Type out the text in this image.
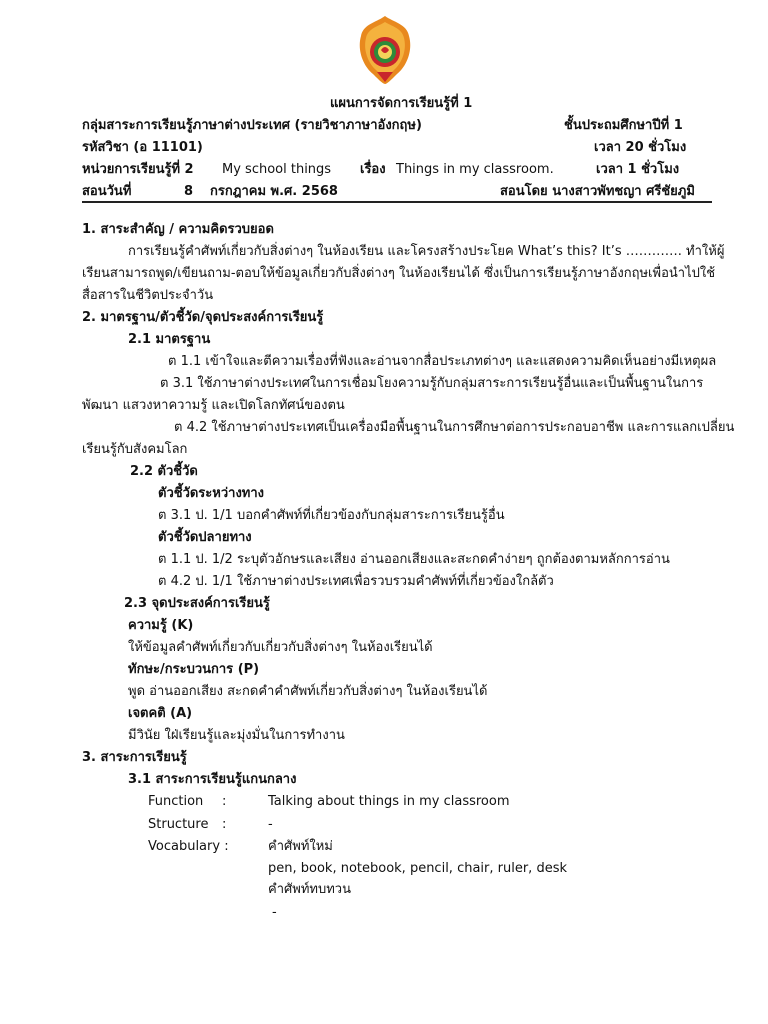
แผนการจัดการเรียนรู้ที่ 1
กลุ่มสาระการเรียนรู้ภาษาต่างประเทศ (รายวิชาภาษาอังกฤษ)	ชั้นประถมศึกษาปีที่ 1
รหัสวิชา (อ 11101)	เวลา 20 ชั่วโมง
หน่วยการเรียนรู้ที่ 2 My school things เรื่อง Things in my classroom.	เวลา 1 ชั่วโมง
สอนวันที่	8 กรกฎาคม พ.ศ. 2568	สอนโดย นางสาวพัทชญา ศรีชัยภูมิ
1. สาระสำคัญ / ความคิดรวบยอด
การเรียนรู้คำศัพท์เกี่ยวกับสิ่งต่างๆ ในห้องเรียน และโครงสร้างประโยค What’s this? It’s …………. ทำให้ผู้
เรียนสามารถพูด/เขียนถาม-ตอบให้ข้อมูลเกี่ยวกับสิ่งต่างๆ ในห้องเรียนได้ ซึ่งเป็นการเรียนรู้ภาษาอังกฤษเพื่อนำไปใช้
สื่อสารในชีวิตประจำวัน
2. มาตรฐาน/ตัวชี้วัด/จุดประสงค์การเรียนรู้
2.1 มาตรฐาน
ต 1.1 เข้าใจและตีความเรื่องที่ฟังและอ่านจากสื่อประเภทต่างๆ และแสดงความคิดเห็นอย่างมีเหตุผล
ต 3.1 ใช้ภาษาต่างประเทศในการเชื่อมโยงความรู้กับกลุ่มสาระการเรียนรู้อื่นและเป็นพื้นฐานในการ
พัฒนา แสวงหาความรู้ และเปิดโลกทัศน์ของตน
ต 4.2 ใช้ภาษาต่างประเทศเป็นเครื่องมือพื้นฐานในการศึกษาต่อการประกอบอาชีพ และการแลกเปลี่ยน
เรียนรู้กับสังคมโลก
2.2 ตัวชี้วัด
ตัวชี้วัดระหว่างทาง
ต 3.1 ป. 1/1 บอกคำศัพท์ที่เกี่ยวข้องกับกลุ่มสาระการเรียนรู้อื่น
ตัวชี้วัดปลายทาง
ต 1.1 ป. 1/2 ระบุตัวอักษรและเสียง อ่านออกเสียงและสะกดคำง่ายๆ ถูกต้องตามหลักการอ่าน
ต 4.2 ป. 1/1 ใช้ภาษาต่างประเทศเพื่อรวบรวมคำศัพท์ที่เกี่ยวข้องใกล้ตัว
2.3 จุดประสงค์การเรียนรู้
ความรู้ (K)
ให้ข้อมูลคำศัพท์เกี่ยวกับเกี่ยวกับสิ่งต่างๆ ในห้องเรียนได้
ทักษะ/กระบวนการ (P)
พูด อ่านออกเสียง สะกดคำคำศัพท์เกี่ยวกับสิ่งต่างๆ ในห้องเรียนได้
เจตคติ (A)
มีวินัย ใฝ่เรียนรู้และมุ่งมั่นในการทำงาน
3. สาระการเรียนรู้
3.1 สาระการเรียนรู้แกนกลาง
Function :	Talking about things in my classroom
Structure :	-
Vocabulary :	คำศัพท์ใหม่
pen, book, notebook, pencil, chair, ruler, desk
คำศัพท์ทบทวน
-
